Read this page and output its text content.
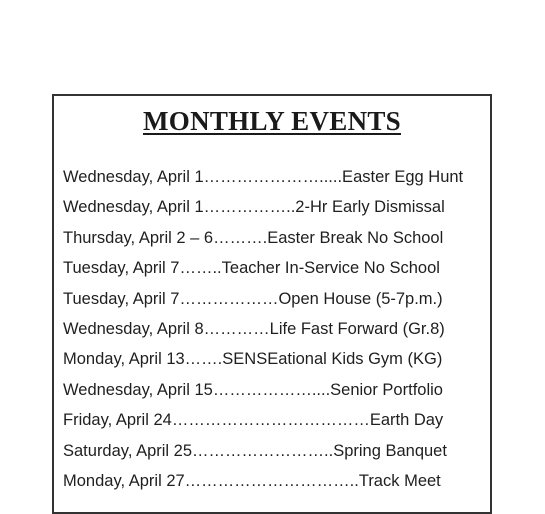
MONTHLY EVENTS
Wednesday, April 1………………….....Easter Egg Hunt
Wednesday, April 1……………..2-Hr Early Dismissal
Thursday, April 2 – 6……….Easter Break No School
Tuesday, April 7……..Teacher In-Service No School
Tuesday, April 7………………Open House (5-7p.m.)
Wednesday, April 8…………Life Fast Forward (Gr.8)
Monday, April 13…….SENSEational Kids Gym (KG)
Wednesday, April 15………………....Senior Portfolio
Friday, April 24………………………………Earth Day
Saturday, April 25……………………..Spring Banquet
Monday, April 27…………………………..Track Meet
